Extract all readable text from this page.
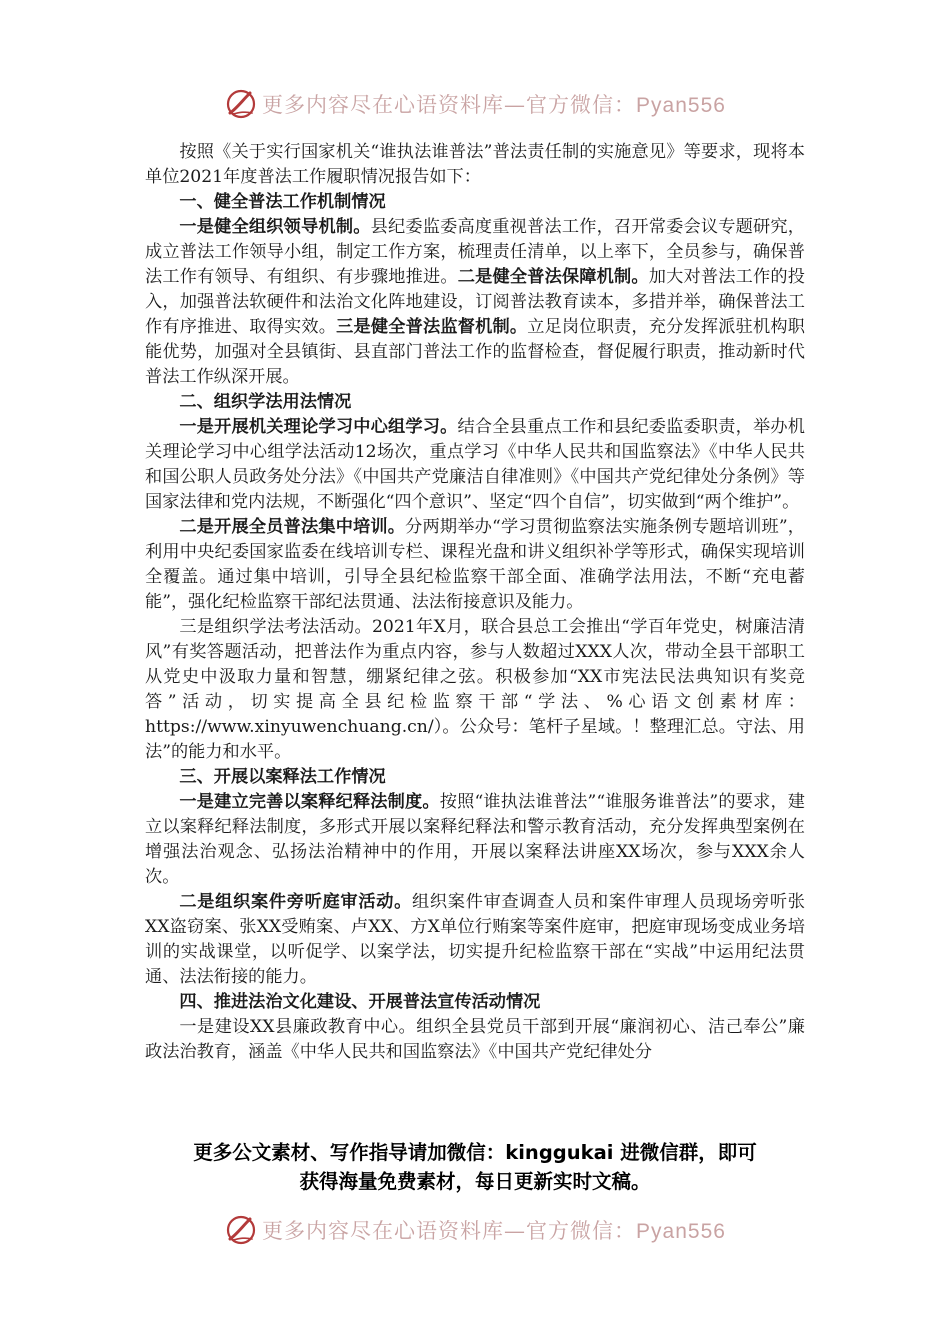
更多内容尽在心语资料库—官方微信：Pyan556

按照《关于实行国家机关“谁执法谁普法”普法责任制的实施意见》等要求，现将本单位2021年度普法工作履职情况报告如下：

一、健全普法工作机制情况

一是健全组织领导机制。县纪委监委高度重视普法工作，召开常委会议专题研究，成立普法工作领导小组，制定工作方案，梳理责任清单，以上率下，全员参与，确保普法工作有领导、有组织、有步骤地推进。二是健全普法保障机制。加大对普法工作的投入，加强普法软硬件和法治文化阵地建设，订阅普法教育读本，多措并举，确保普法工作有序推进、取得实效。三是健全普法监督机制。立足岗位职责，充分发挥派驻机构职能优势，加强对全县镇街、县直部门普法工作的监督检查，督促履行职责，推动新时代普法工作纵深开展。

二、组织学法用法情况

一是开展机关理论学习中心组学习。结合全县重点工作和县纪委监委职责，举办机关理论学习中心组学法活动12场次，重点学习《中华人民共和国监察法》《中华人民共和国公职人员政务处分法》《中国共产党廉洁自律准则》《中国共产党纪律处分条例》等国家法律和党内法规，不断强化“四个意识”、坚定“四个自信”，切实做到“两个维护”。

二是开展全员普法集中培训。分两期举办“学习贯彻监察法实施条例专题培训班”，利用中央纪委国家监委在线培训专栏、课程光盘和讲义组织补学等形式，确保实现培训全覆盖。通过集中培训，引导全县纪检监察干部全面、准确学法用法，不断“充电蓄能”，强化纪检监察干部纪法贯通、法法衔接意识及能力。

三是组织学法考法活动。2021年X月，联合县总工会推出“学百年党史，树廉洁清风”有奖答题活动，把普法作为重点内容，参与人数超过XXX人次，带动全县干部职工从党史中汲取力量和智慧，绷紧纪律之弦。积极参加“XX市宪法民法典知识有奖竞答”活动，切实提高全县纪检监察干部“学法、%心语文创素材库：https://www.xinyuwenchuang.cn/）。公众号：笔杆子星域。！整理汇总。守法、用法”的能力和水平。

三、开展以案释法工作情况

一是建立完善以案释纪释法制度。按照“谁执法谁普法”“谁服务谁普法”的要求，建立以案释纪释法制度，多形式开展以案释纪释法和警示教育活动，充分发挥典型案例在增强法治观念、弘扬法治精神中的作用，开展以案释法讲座XX场次，参与XXX余人次。

二是组织案件旁听庭审活动。组织案件审查调查人员和案件审理人员现场旁听张XX盗窃案、张XX受贿案、卢XX、方X单位行贿案等案件庭审，把庭审现场变成业务培训的实战课堂，以听促学、以案学法，切实提升纪检监察干部在“实战”中运用纪法贯通、法法衔接的能力。

四、推进法治文化建设、开展普法宣传活动情况

一是建设XX县廉政教育中心。组织全县党员干部到开展“廉润初心、洁己奉公”廉政法治教育，涵盖《中华人民共和国监察法》《中国共产党纪律处分

更多公文素材、写作指导请加微信：kinggukai 进微信群，即可
获得海量免费素材，每日更新实时文稿。
更多内容尽在心语资料库—官方微信：Pyan556
